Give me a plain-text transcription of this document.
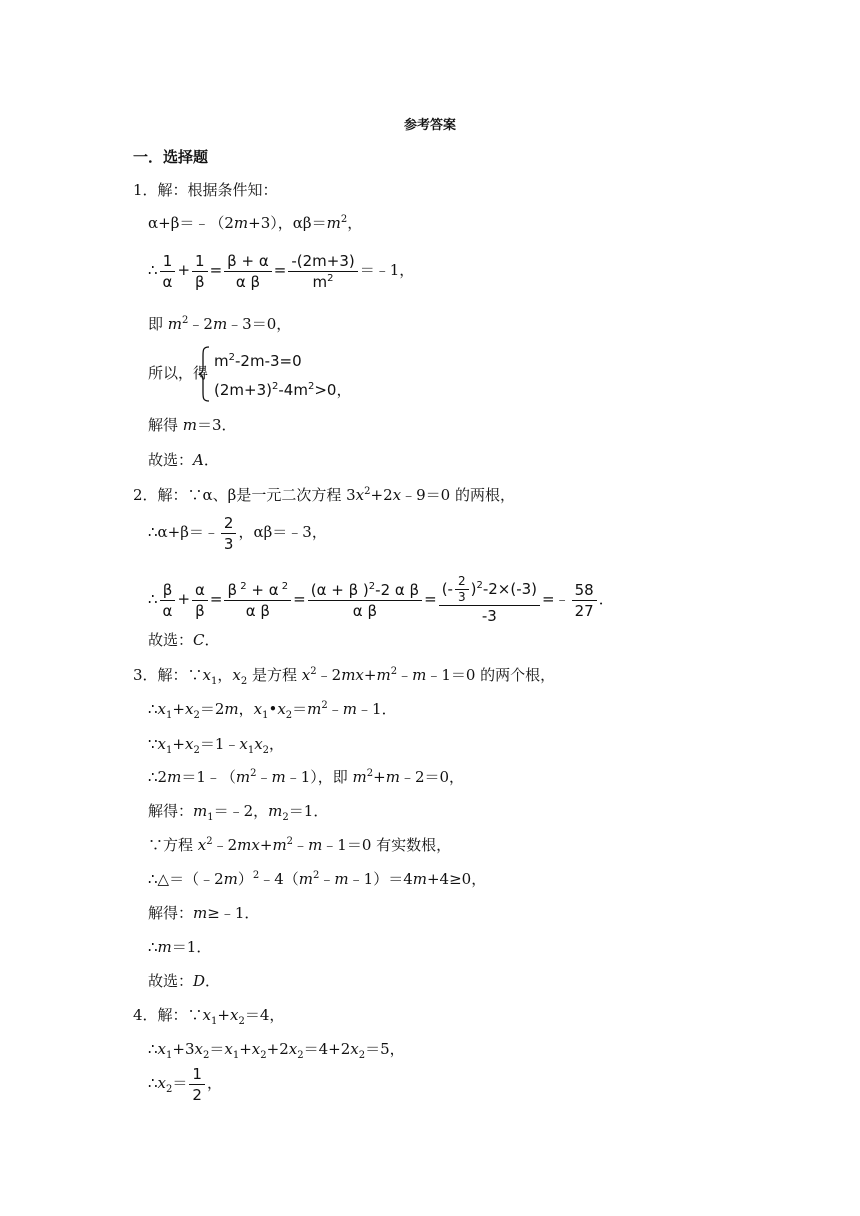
参考答案
一．选择题
1．解：根据条件知：
α+β＝﹣（2m+3），$\alpha\beta=m^2$，
∴ $\frac{1}{\alpha} + \frac{1}{\beta} = \frac{\beta + \alpha}{\text{α β}} = \frac{-(2m+3)}{m^2}$ ＝﹣1，
即 $m^2﹣2m﹣3=0$，
所以，得
$m^2-2m-3=0$
$(2m+3)^2-4m^2>0$，
解得 m＝3．
故选：A．
2．解：∵α、β是一元二次方程 $3x^2+2x﹣9=0$ 的两根，
∴α+β＝﹣ $\frac{2}{3}$ ，αβ＝﹣3，
∴ $\frac{\beta}{\alpha} + \frac{\alpha}{\beta} = \frac{\beta ^2 + \alpha ^2}{\text{α β}} = \frac{(\alpha + \beta )^2-2 \alpha \beta}{\text{α β}} = \frac{(- \frac{2}{3} )^2-2\times(-3)}{-3}$ =﹣ $\frac{58}{27}$ ．
故选：C．
3．解：$\because x_1$，$x_2$ 是方程 $x^2﹣2mx+m^2﹣m﹣1=0$ 的两个根，
$\therefore x_1+x_2=2m$，$x_1•x_2=m^2﹣m﹣1$．
$\because x_1+x_2=1﹣x_1x_2$，
$\therefore 2m=1﹣(m^2﹣m﹣1)$，即 $m^2+m﹣2=0$，
解得：$m_1=﹣2$，$m_2=1$．
∵方程 $x^2﹣2mx+m^2﹣m﹣1=0$ 有实数根，
$\therefore\triangle=(﹣2m)^2﹣4(m^2﹣m﹣1)=4m+4\ge 0$，
解得：m≥﹣1．
∴m＝1．
故选：D．
4．解：$\because x_1+x_2=4$，
$\therefore x_1+3x_2=x_1+x_2+2x_2=4+2x_2=5$，
$\therefore x_2= \frac{1}{2}$ ，
